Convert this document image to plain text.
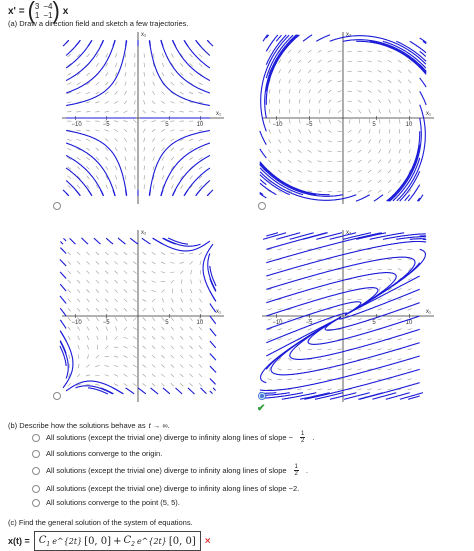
x' = ( 3 −4
1 −1 ) x
(a) Draw a direction field and sketch a few trajectories.
x₂
x₁
−10	−5	5	10
x₂
x₁
−10	−5	5	10
x₂
x₁
−10	−5	5	10
x₂
x₁
−10	−5	5	10
✔
(b) Describe how the solutions behave as t → ∞.
All solutions (except the trivial one) diverge to infinity along lines of slope − $\frac{1}{2}$ .
All solutions converge to the origin.
All solutions (except the trivial one) diverge to infinity along lines of slope $\frac{1}{2}$ .
All solutions (except the trivial one) diverge to infinity along lines of slope −2.
All solutions converge to the point (5, 5).
(c) Find the general solution of the system of equations.
$x(t) = C_1$ e^{2t} [0, $0] + C_2$ e^{2t} [0, 0] ×
